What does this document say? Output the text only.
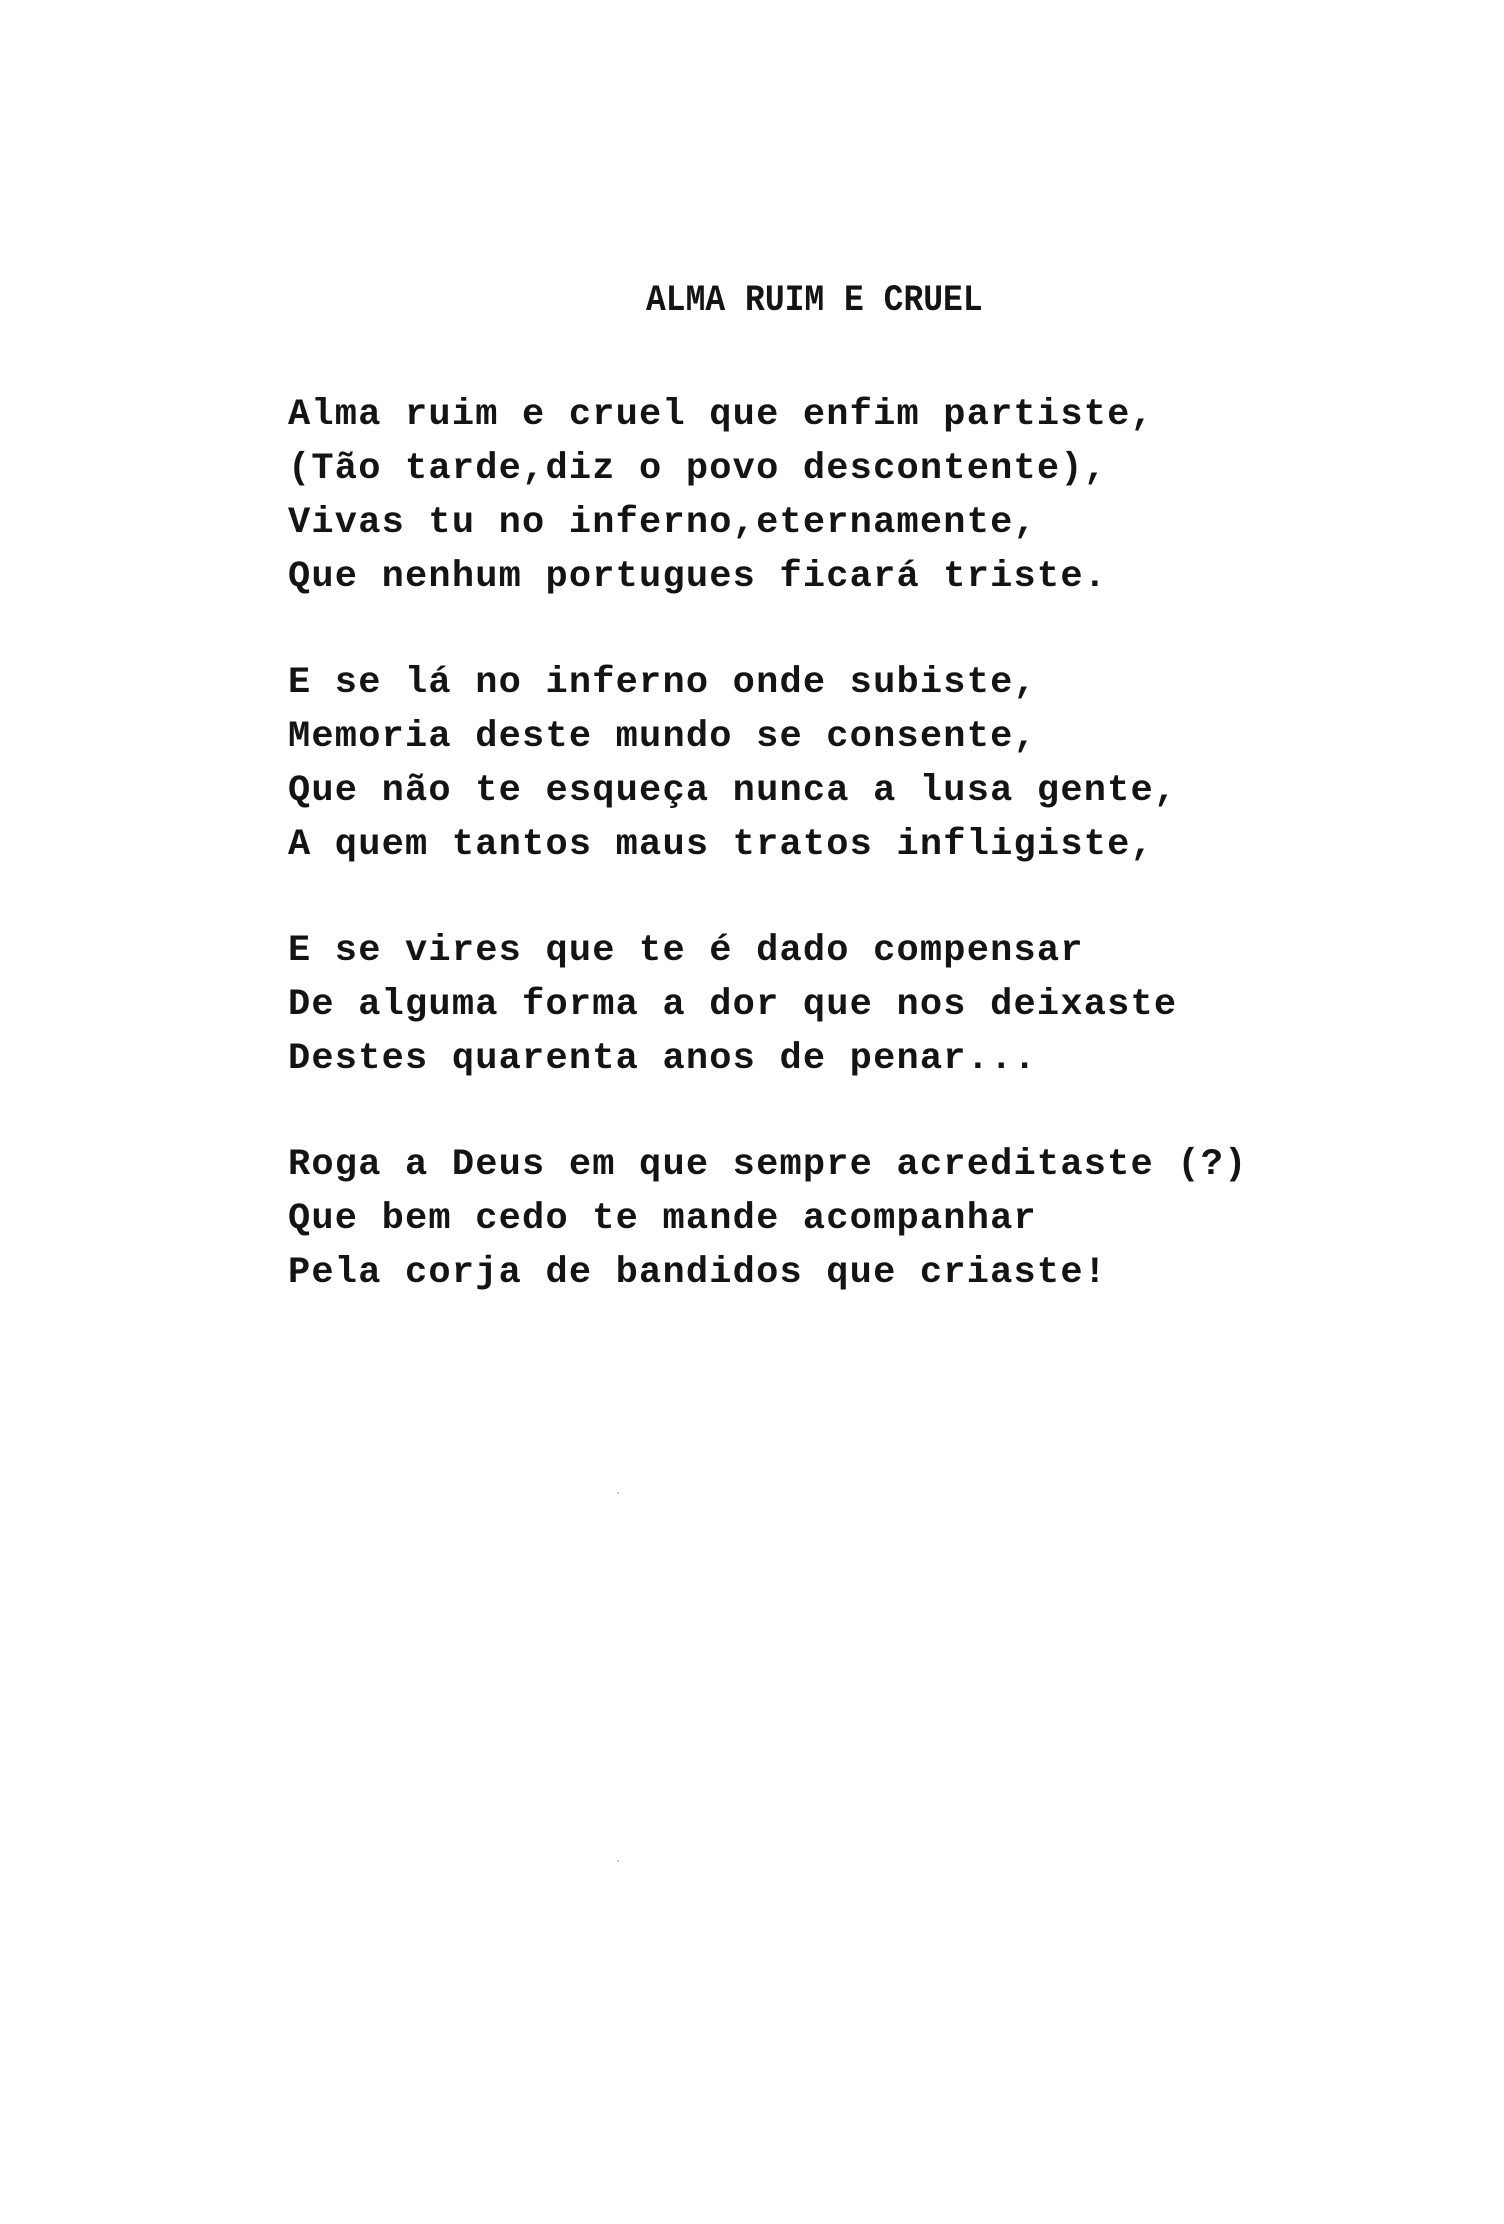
ALMA RUIM E CRUEL
Alma ruim e cruel que enfim partiste,
(Tão tarde,diz o povo descontente),
Vivas tu no inferno,eternamente,
Que nenhum portugues ficará triste.
E se lá no inferno onde subiste,
Memoria deste mundo se consente,
Que não te esqueça nunca a lusa gente,
A quem tantos maus tratos infligiste,
E se vires que te é dado compensar
De alguma forma a dor que nos deixaste
Destes quarenta anos de penar...
Roga a Deus em que sempre acreditaste (?)
Que bem cedo te mande acompanhar
Pela corja de bandidos que criaste!
